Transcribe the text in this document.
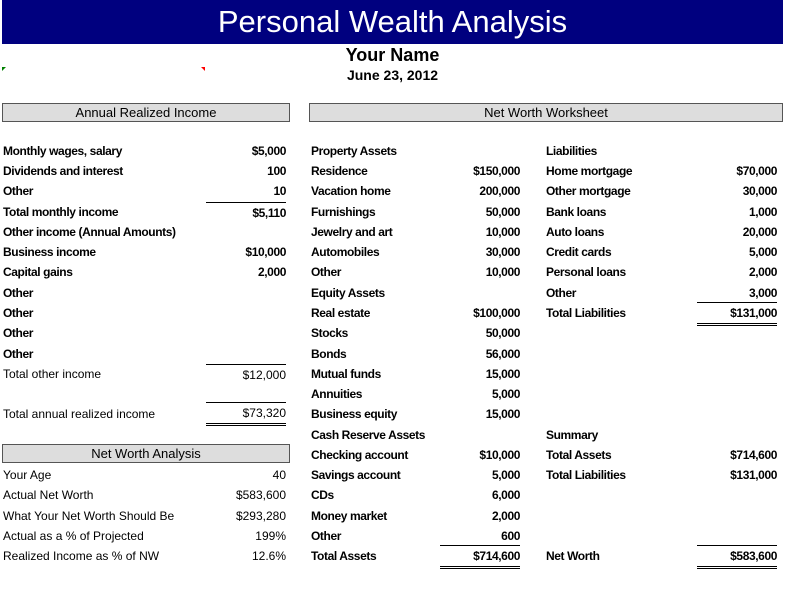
Personal Wealth Analysis
Your Name
June 23, 2012
Annual Realized Income	Net Worth Worksheet
Net Worth Analysis
Monthly wages, salary	$5,000
Dividends and interest	100
Other	10
Total monthly income	$5,110
Other income (Annual Amounts)
Business income	$10,000
Capital gains	2,000
Other
Other
Other
Other
Total other income	$12,000
Total annual realized income	$73,320
Your Age	40
Actual Net Worth	$583,600
What Your Net Worth Should Be	$293,280
Actual as a % of Projected	199%
Realized Income as % of NW	12.6%
Property Assets
Residence	$150,000
Vacation home	200,000
Furnishings	50,000
Jewelry and art	10,000
Automobiles	30,000
Other	10,000
Equity Assets
Real estate	$100,000
Stocks	50,000
Bonds	56,000
Mutual funds	15,000
Annuities	5,000
Business equity	15,000
Cash Reserve Assets
Checking account	$10,000
Savings account	5,000
CDs	6,000
Money market	2,000
Other	600
Total Assets	$714,600
Liabilities
Home mortgage	$70,000
Other mortgage	30,000
Bank loans	1,000
Auto loans	20,000
Credit cards	5,000
Personal loans	2,000
Other	3,000
Total Liabilities	$131,000
Summary
Total Assets	$714,600
Total Liabilities	$131,000
Net Worth	$583,600
